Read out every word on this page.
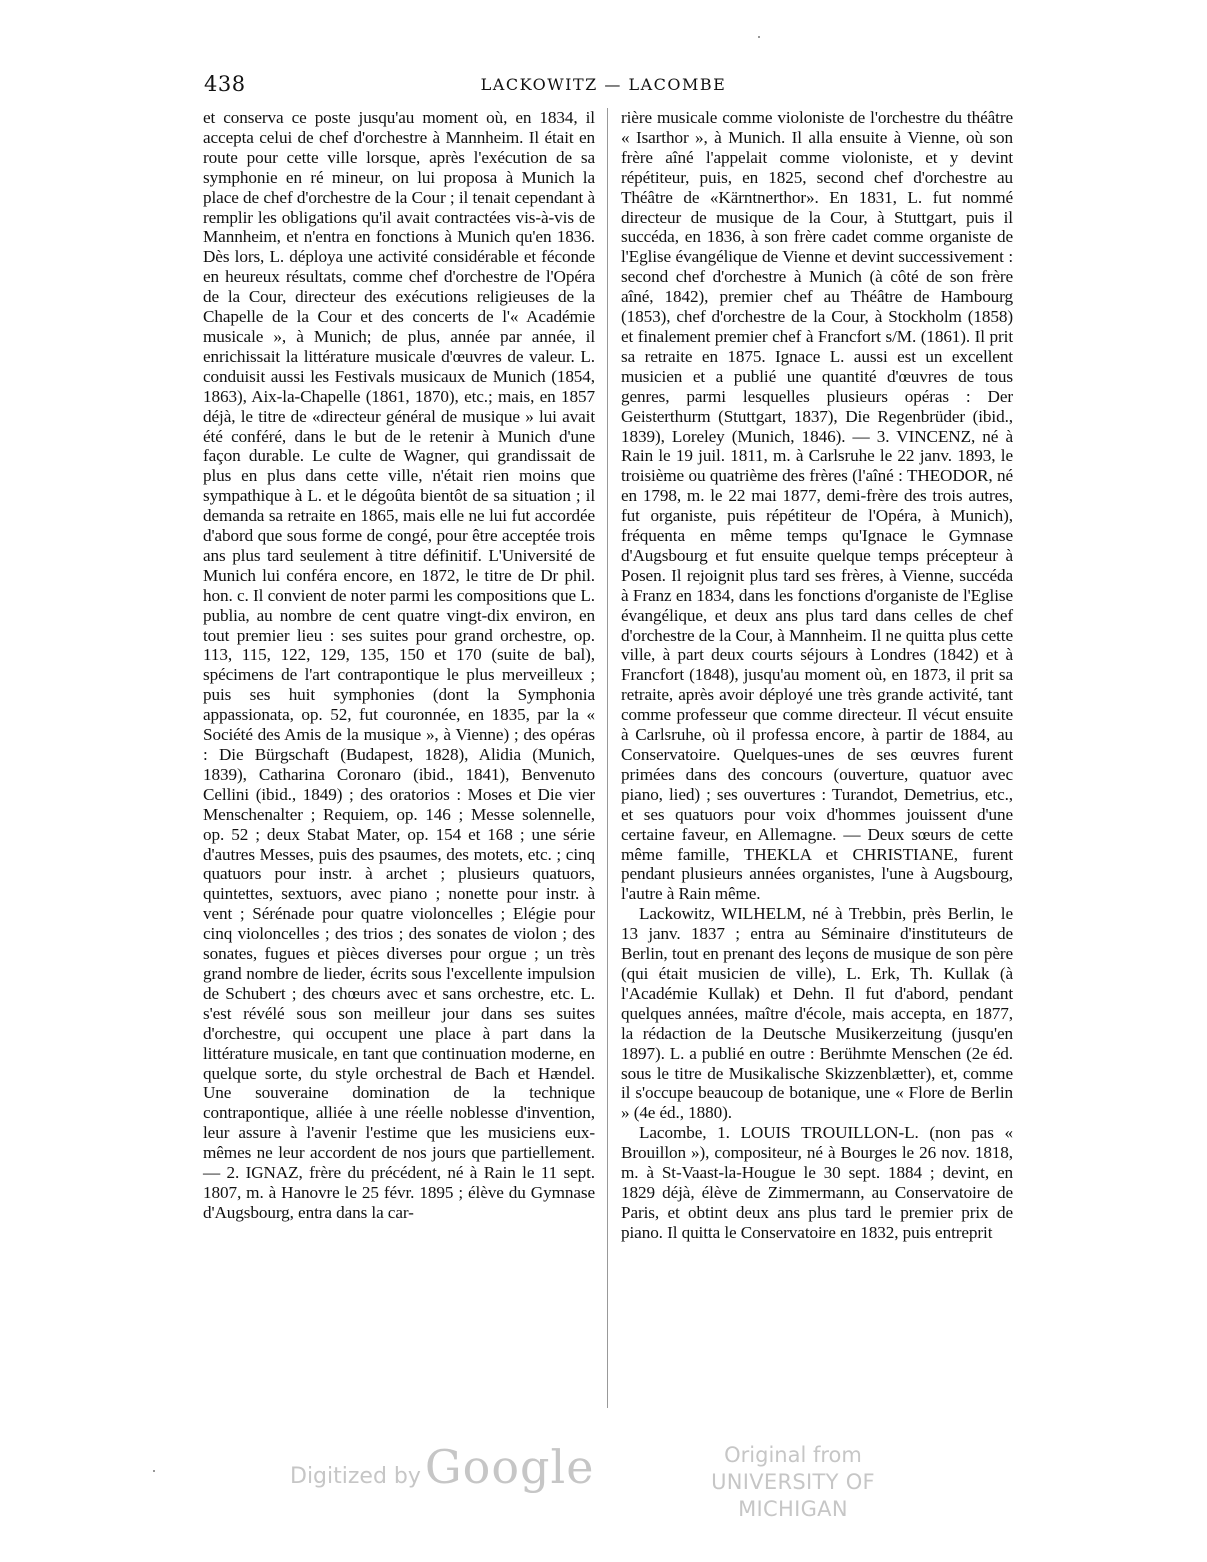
438	LACKOWITZ — LACOMBE

et conserva ce poste jusqu'au moment où, en 1834, il accepta celui de chef d'orchestre à Mannheim. Il était en route pour cette ville lorsque, après l'exécution de sa symphonie en ré mineur, on lui proposa à Munich la place de chef d'orchestre de la Cour ; il tenait cependant à remplir les obligations qu'il avait contractées vis-à-vis de Mannheim, et n'entra en fonctions à Munich qu'en 1836. Dès lors, L. déploya une activité considérable et féconde en heureux résultats, comme chef d'orchestre de l'Opéra de la Cour, directeur des exécutions religieuses de la Chapelle de la Cour et des concerts de l'« Académie musicale », à Munich; de plus, année par année, il enrichissait la littérature musicale d'œuvres de valeur. L. conduisit aussi les Festivals musicaux de Munich (1854, 1863), Aix-la-Chapelle (1861, 1870), etc.; mais, en 1857 déjà, le titre de «directeur général de musique » lui avait été conféré, dans le but de le retenir à Munich d'une façon durable. Le culte de Wagner, qui grandissait de plus en plus dans cette ville, n'était rien moins que sympathique à L. et le dégoûta bientôt de sa situation ; il demanda sa retraite en 1865, mais elle ne lui fut accordée d'abord que sous forme de congé, pour être acceptée trois ans plus tard seulement à titre définitif. L'Université de Munich lui conféra encore, en 1872, le titre de Dr phil. hon. c. Il convient de noter parmi les compositions que L. publia, au nombre de cent quatre vingt-dix environ, en tout premier lieu : ses suites pour grand orchestre, op. 113, 115, 122, 129, 135, 150 et 170 (suite de bal), spécimens de l'art contrapontique le plus merveilleux ; puis ses huit symphonies (dont la Symphonia appassionata, op. 52, fut couronnée, en 1835, par la « Société des Amis de la musique », à Vienne) ; des opéras : Die Bürgschaft (Budapest, 1828), Alidia (Munich, 1839), Catharina Coronaro (ibid., 1841), Benvenuto Cellini (ibid., 1849) ; des oratorios : Moses et Die vier Menschenalter ; Requiem, op. 146 ; Messe solennelle, op. 52 ; deux Stabat Mater, op. 154 et 168 ; une série d'autres Messes, puis des psaumes, des motets, etc. ; cinq quatuors pour instr. à archet ; plusieurs quatuors, quintettes, sextuors, avec piano ; nonette pour instr. à vent ; Sérénade pour quatre violoncelles ; Elégie pour cinq violoncelles ; des trios ; des sonates de violon ; des sonates, fugues et pièces diverses pour orgue ; un très grand nombre de lieder, écrits sous l'excellente impulsion de Schubert ; des chœurs avec et sans orchestre, etc. L. s'est révélé sous son meilleur jour dans ses suites d'orchestre, qui occupent une place à part dans la littérature musicale, en tant que continuation moderne, en quelque sorte, du style orchestral de Bach et Hændel. Une souveraine domination de la technique contrapontique, alliée à une réelle noblesse d'invention, leur assure à l'avenir l'estime que les musiciens eux-mêmes ne leur accordent de nos jours que partiellement. — 2. IGNAZ, frère du précédent, né à Rain le 11 sept. 1807, m. à Hanovre le 25 févr. 1895 ; élève du Gymnase d'Augsbourg, entra dans la car-

rière musicale comme violoniste de l'orchestre du théâtre « Isarthor », à Munich. Il alla ensuite à Vienne, où son frère aîné l'appelait comme violoniste, et y devint répétiteur, puis, en 1825, second chef d'orchestre au Théâtre de «Kärntnerthor». En 1831, L. fut nommé directeur de musique de la Cour, à Stuttgart, puis il succéda, en 1836, à son frère cadet comme organiste de l'Eglise évangélique de Vienne et devint successivement : second chef d'orchestre à Munich (à côté de son frère aîné, 1842), premier chef au Théâtre de Hambourg (1853), chef d'orchestre de la Cour, à Stockholm (1858) et finalement premier chef à Francfort s/M. (1861). Il prit sa retraite en 1875. Ignace L. aussi est un excellent musicien et a publié une quantité d'œuvres de tous genres, parmi lesquelles plusieurs opéras : Der Geisterthurm (Stuttgart, 1837), Die Regenbrüder (ibid., 1839), Loreley (Munich, 1846). — 3. VINCENZ, né à Rain le 19 juil. 1811, m. à Carlsruhe le 22 janv. 1893, le troisième ou quatrième des frères (l'aîné : THEODOR, né en 1798, m. le 22 mai 1877, demi-frère des trois autres, fut organiste, puis répétiteur de l'Opéra, à Munich), fréquenta en même temps qu'Ignace le Gymnase d'Augsbourg et fut ensuite quelque temps précepteur à Posen. Il rejoignit plus tard ses frères, à Vienne, succéda à Franz en 1834, dans les fonctions d'organiste de l'Eglise évangélique, et deux ans plus tard dans celles de chef d'orchestre de la Cour, à Mannheim. Il ne quitta plus cette ville, à part deux courts séjours à Londres (1842) et à Francfort (1848), jusqu'au moment où, en 1873, il prit sa retraite, après avoir déployé une très grande activité, tant comme professeur que comme directeur. Il vécut ensuite à Carlsruhe, où il professa encore, à partir de 1884, au Conservatoire. Quelques-unes de ses œuvres furent primées dans des concours (ouverture, quatuor avec piano, lied) ; ses ouvertures : Turandot, Demetrius, etc., et ses quatuors pour voix d'hommes jouissent d'une certaine faveur, en Allemagne. — Deux sœurs de cette même famille, THEKLA et CHRISTIANE, furent pendant plusieurs années organistes, l'une à Augsbourg, l'autre à Rain même.

Lackowitz, WILHELM, né à Trebbin, près Berlin, le 13 janv. 1837 ; entra au Séminaire d'instituteurs de Berlin, tout en prenant des leçons de musique de son père (qui était musicien de ville), L. Erk, Th. Kullak (à l'Académie Kullak) et Dehn. Il fut d'abord, pendant quelques années, maître d'école, mais accepta, en 1877, la rédaction de la Deutsche Musikerzeitung (jusqu'en 1897). L. a publié en outre : Berühmte Menschen (2e éd. sous le titre de Musikalische Skizzenblætter), et, comme il s'occupe beaucoup de botanique, une « Flore de Berlin » (4e éd., 1880).

Lacombe, 1. LOUIS TROUILLON-L. (non pas « Brouillon »), compositeur, né à Bourges le 26 nov. 1818, m. à St-Vaast-la-Hougue le 30 sept. 1884 ; devint, en 1829 déjà, élève de Zimmermann, au Conservatoire de Paris, et obtint deux ans plus tard le premier prix de piano. Il quitta le Conservatoire en 1832, puis entreprit

Digitized by Google	Original from
UNIVERSITY OF MICHIGAN
